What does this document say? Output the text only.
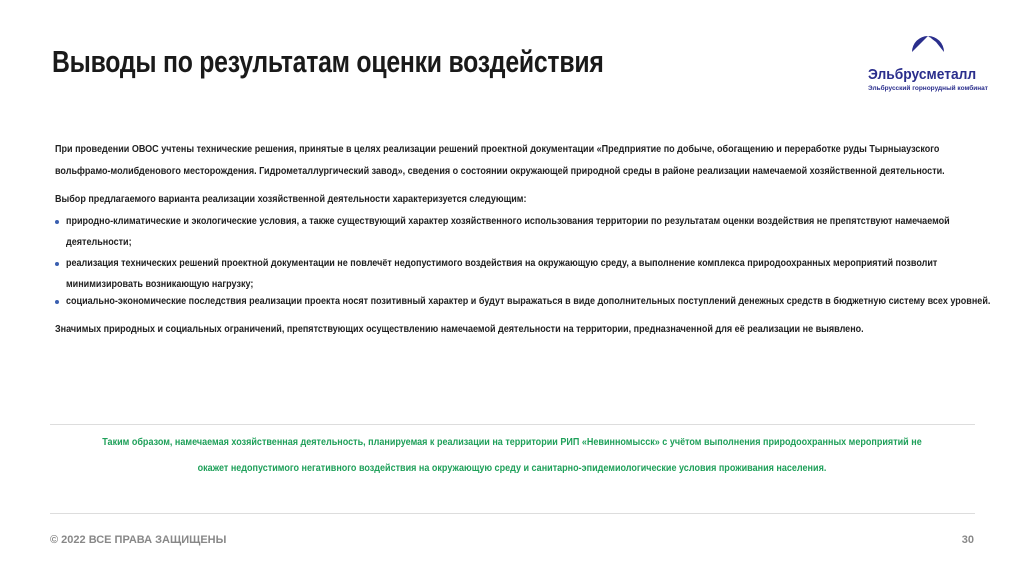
Выводы по результатам оценки воздействия	Эльбрусметалл
Эльбрусский горнорудный комбинат
При проведении ОВОС учтены технические решения, принятые в целях реализации решений проектной документации «Предприятие по добыче, обогащению и переработке руды Тырныаузского
вольфрамо-молибденового месторождения. Гидрометаллургический завод», сведения о состоянии окружающей природной среды в районе реализации намечаемой хозяйственной деятельности.
Выбор предлагаемого варианта реализации хозяйственной деятельности характеризуется следующим:
природно-климатические и экологические условия, а также существующий характер хозяйственного использования территории по результатам оценки воздействия не препятствуют намечаемой
деятельности;
реализация технических решений проектной документации не повлечёт недопустимого воздействия на окружающую среду, а выполнение комплекса природоохранных мероприятий позволит
минимизировать возникающую нагрузку;
социально-экономические последствия реализации проекта носят позитивный характер и будут выражаться в виде дополнительных поступлений денежных средств в бюджетную систему всех уровней.
Значимых природных и социальных ограничений, препятствующих осуществлению намечаемой деятельности на территории, предназначенной для её реализации не выявлено.
Таким образом, намечаемая хозяйственная деятельность, планируемая к реализации на территории РИП «Невинномысск» с учётом выполнения природоохранных мероприятий не
окажет недопустимого негативного воздействия на окружающую среду и санитарно-эпидемиологические условия проживания населения.
© 2022 ВСЕ ПРАВА ЗАЩИЩЕНЫ	30
